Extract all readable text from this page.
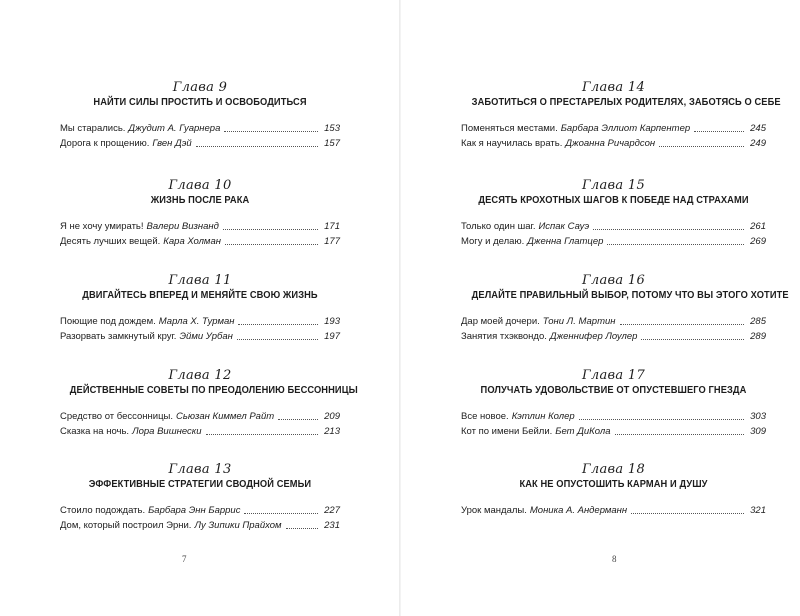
Глава 9
НАЙТИ СИЛЫ ПРОСТИТЬ И ОСВОБОДИТЬСЯ
Мы старались. Джудит А. Гуарнера	153
Дорога к прощению. Гвен Дэй	157
Глава 10
ЖИЗНЬ ПОСЛЕ РАКА
Я не хочу умирать! Валери Визнанд	171
Десять лучших вещей. Кара Холман	177
Глава 11
ДВИГАЙТЕСЬ ВПЕРЕД И МЕНЯЙТЕ СВОЮ ЖИЗНЬ
Поющие под дождем. Марла Х. Турман	193
Разорвать замкнутый круг. Эйми Урбан	197
Глава 12
ДЕЙСТВЕННЫЕ СОВЕТЫ ПО ПРЕОДОЛЕНИЮ БЕССОННИЦЫ
Средство от бессонницы. Сьюзан Киммел Райт	209
Сказка на ночь. Лора Вишнески	213
Глава 13
ЭФФЕКТИВНЫЕ СТРАТЕГИИ СВОДНОЙ СЕМЬИ
Стоило подождать. Барбара Энн Баррис	227
Дом, который построил Эрни. Лу Зипики Прайхом	231
7
Глава 14
ЗАБОТИТЬСЯ О ПРЕСТАРЕЛЫХ РОДИТЕЛЯХ, ЗАБОТЯСЬ О СЕБЕ
Поменяться местами. Барбара Эллиот Карпентер	245
Как я научилась врать. Джоанна Ричардсон	249
Глава 15
ДЕСЯТЬ КРОХОТНЫХ ШАГОВ К ПОБЕДЕ НАД СТРАХАМИ
Только один шаг. Испак Сауэ	261
Могу и делаю. Дженна Глатцер	269
Глава 16
ДЕЛАЙТЕ ПРАВИЛЬНЫЙ ВЫБОР, ПОТОМУ ЧТО ВЫ ЭТОГО ХОТИТЕ
Дар моей дочери. Тони Л. Мартин	285
Занятия тхэквондо. Дженнифер Лоулер	289
Глава 17
ПОЛУЧАТЬ УДОВОЛЬСТВИЕ ОТ ОПУСТЕВШЕГО ГНЕЗДА
Все новое. Кэтлин Колер	303
Кот по имени Бейли. Бет ДиКола	309
Глава 18
КАК НЕ ОПУСТОШИТЬ КАРМАН И ДУШУ
Урок мандалы. Моника А. Андерманн	321
8
